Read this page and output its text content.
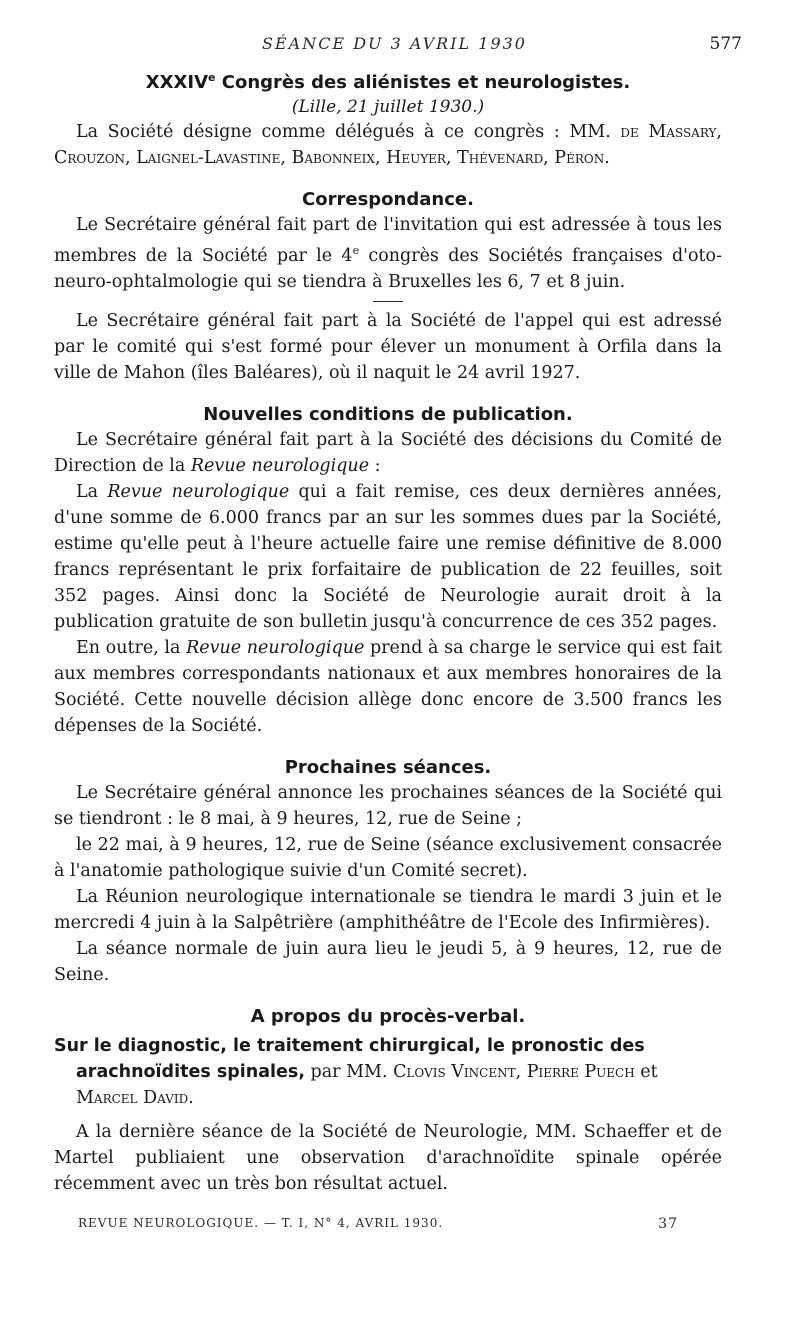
SÉANCE DU 3 AVRIL 1930	577
XXXIVe Congrès des aliénistes et neurologistes.
(Lille, 21 juillet 1930.)

La Société désigne comme délégués à ce congrès : MM. de Massary, Crouzon, Laignel-Lavastine, Babonneix, Heuyer, Thévenard, Péron.

Correspondance.

Le Secrétaire général fait part de l'invitation qui est adressée à tous les membres de la Société par le 4e congrès des Sociétés françaises d'oto-neuro-ophtalmologie qui se tiendra à Bruxelles les 6, 7 et 8 juin.

Le Secrétaire général fait part à la Société de l'appel qui est adressé par le comité qui s'est formé pour élever un monument à Orfila dans la ville de Mahon (îles Baléares), où il naquit le 24 avril 1927.

Nouvelles conditions de publication.

Le Secrétaire général fait part à la Société des décisions du Comité de Direction de la Revue neurologique :

La Revue neurologique qui a fait remise, ces deux dernières années, d'une somme de 6.000 francs par an sur les sommes dues par la Société, estime qu'elle peut à l'heure actuelle faire une remise définitive de 8.000 francs représentant le prix forfaitaire de publication de 22 feuilles, soit 352 pages. Ainsi donc la Société de Neurologie aurait droit à la publication gratuite de son bulletin jusqu'à concurrence de ces 352 pages.

En outre, la Revue neurologique prend à sa charge le service qui est fait aux membres correspondants nationaux et aux membres honoraires de la Société. Cette nouvelle décision allège donc encore de 3.500 francs les dépenses de la Société.

Prochaines séances.

Le Secrétaire général annonce les prochaines séances de la Société qui se tiendront : le 8 mai, à 9 heures, 12, rue de Seine ;

le 22 mai, à 9 heures, 12, rue de Seine (séance exclusivement consacrée à l'anatomie pathologique suivie d'un Comité secret).

La Réunion neurologique internationale se tiendra le mardi 3 juin et le mercredi 4 juin à la Salpêtrière (amphithéâtre de l'Ecole des Infirmières).

La séance normale de juin aura lieu le jeudi 5, à 9 heures, 12, rue de Seine.

A propos du procès-verbal.

Sur le diagnostic, le traitement chirurgical, le pronostic des arachnoïdites spinales, par MM. Clovis Vincent, Pierre Puech et Marcel David.

A la dernière séance de la Société de Neurologie, MM. Schaeffer et de Martel publiaient une observation d'arachnoïdite spinale opérée récemment avec un très bon résultat actuel.

REVUE NEUROLOGIQUE. — T. I, N° 4, AVRIL 1930.	37
